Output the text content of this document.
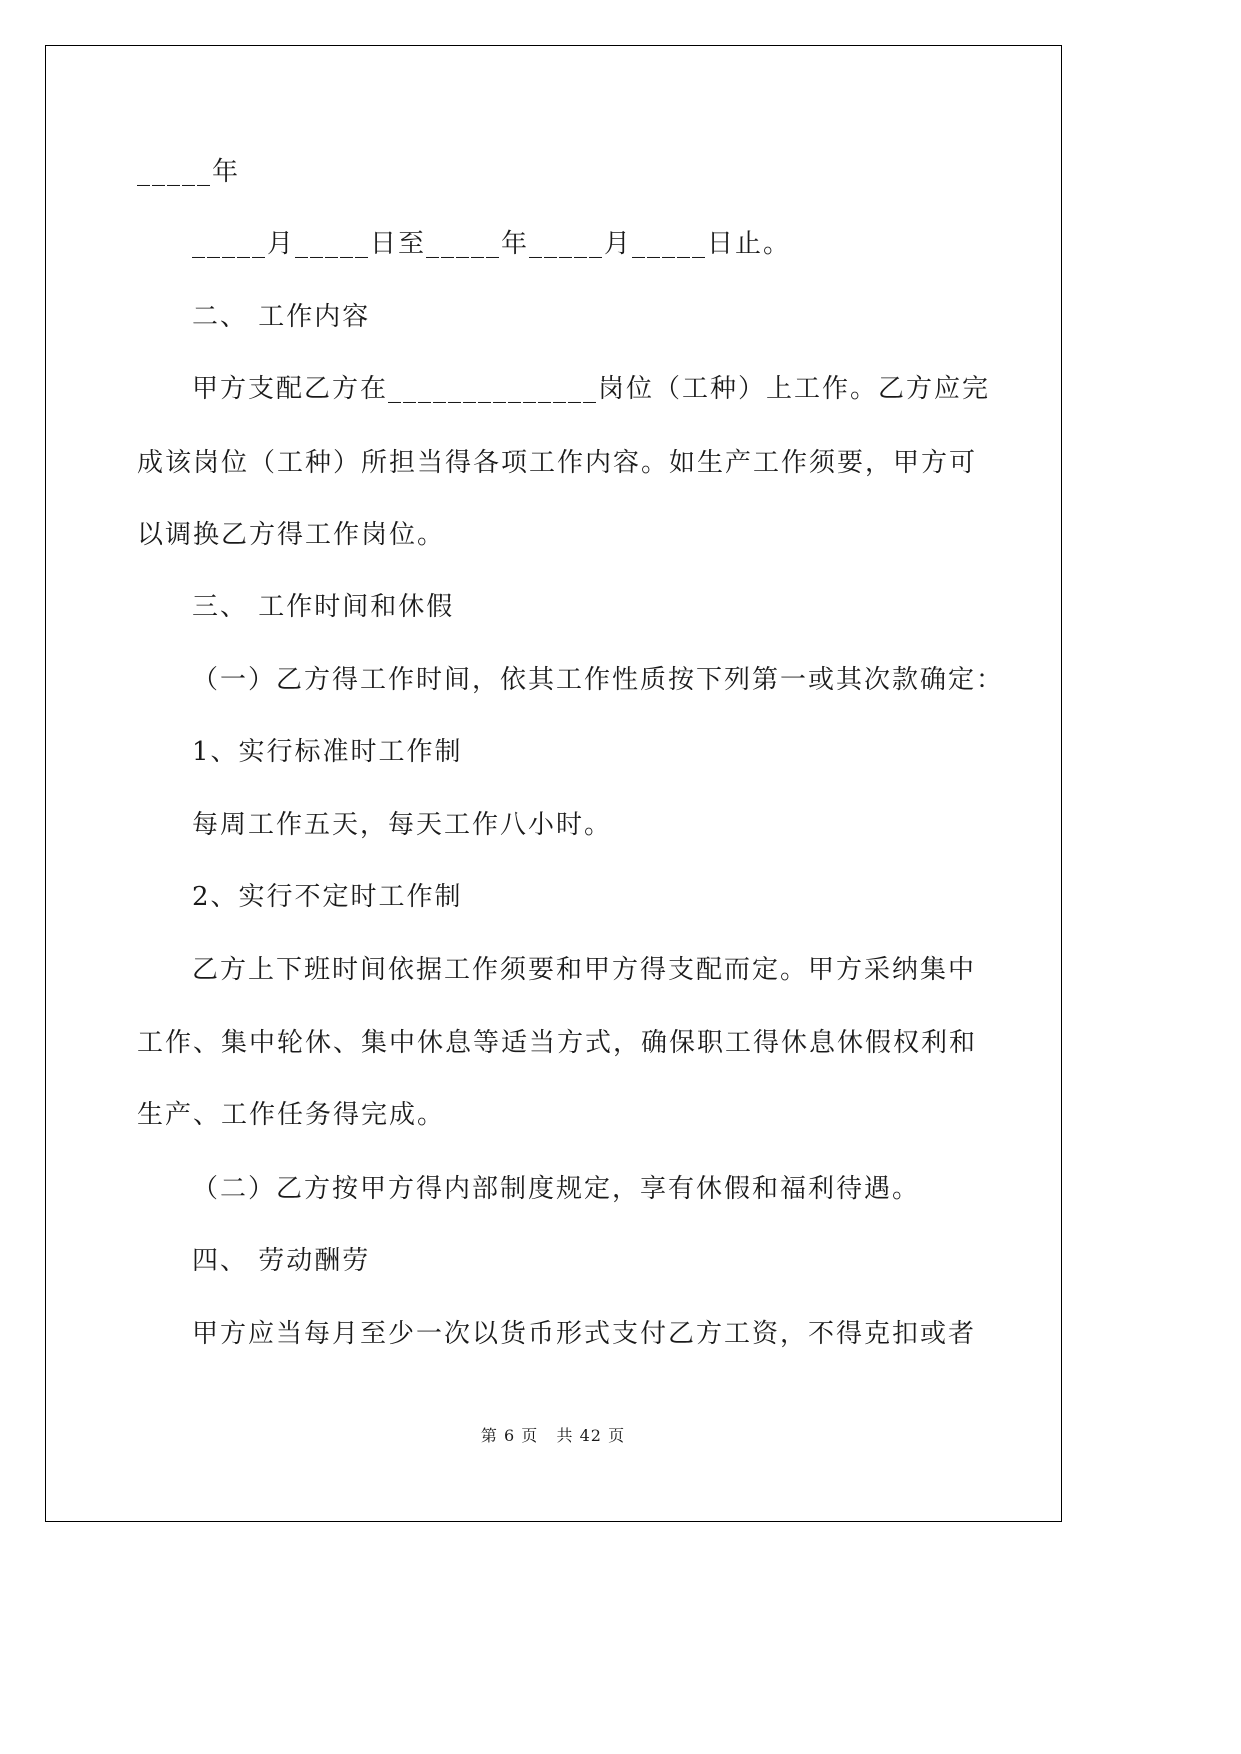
_____年
_____月_____日至_____年_____月_____日止。
二、 工作内容
甲方支配乙方在______________岗位（工种）上工作。乙方应完
成该岗位（工种）所担当得各项工作内容。如生产工作须要，甲方可
以调换乙方得工作岗位。
三、 工作时间和休假
（一）乙方得工作时间，依其工作性质按下列第一或其次款确定：
1、实行标准时工作制
每周工作五天，每天工作八小时。
2、实行不定时工作制
乙方上下班时间依据工作须要和甲方得支配而定。甲方采纳集中
工作、集中轮休、集中休息等适当方式，确保职工得休息休假权利和
生产、工作任务得完成。
（二）乙方按甲方得内部制度规定，享有休假和福利待遇。
四、 劳动酬劳
甲方应当每月至少一次以货币形式支付乙方工资，不得克扣或者
第 6 页   共 42 页
